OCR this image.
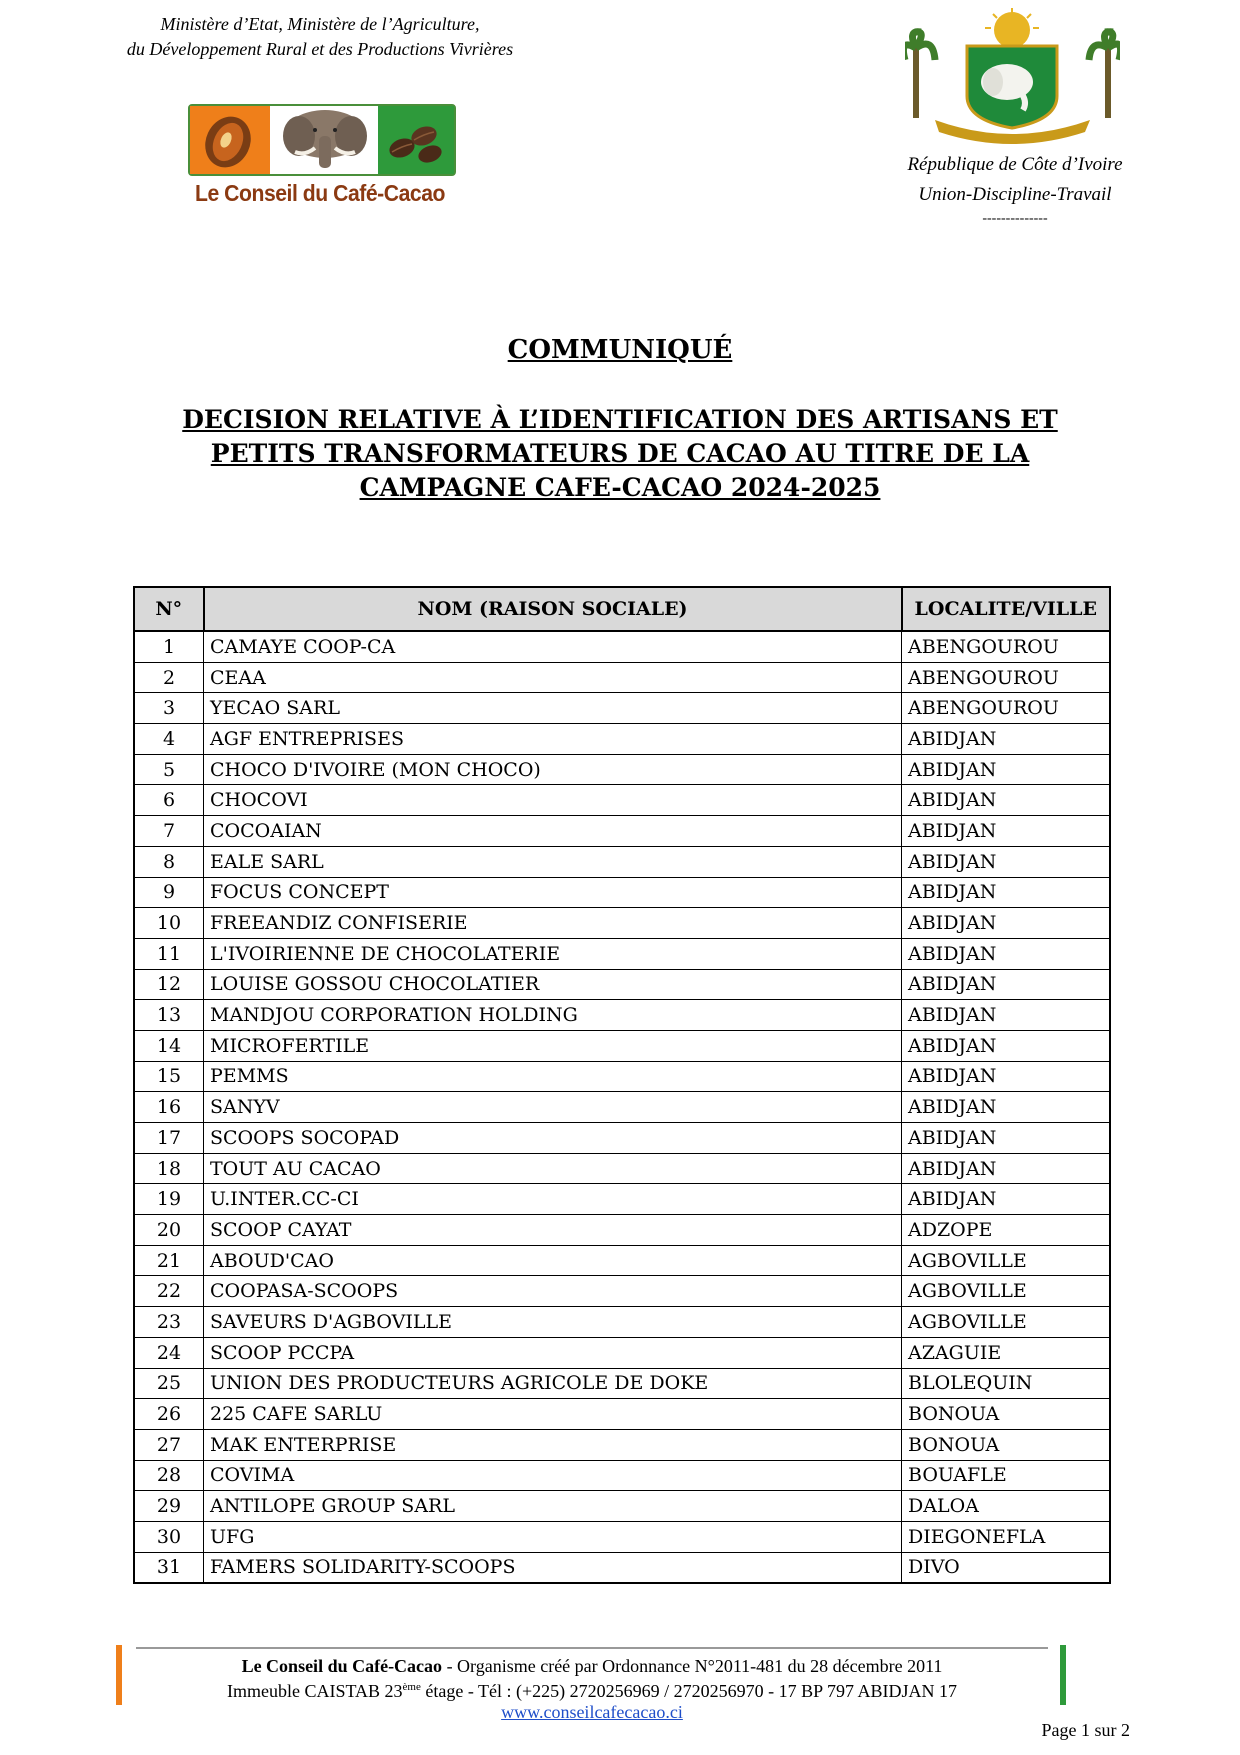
Ministère d’Etat, Ministère de l’Agriculture,
du Développement Rural et des Productions Vivrières
Le Conseil du Café-Cacao
République de Côte d’Ivoire
Union-Discipline-Travail
--------------
COMMUNIQUÉ
DECISION RELATIVE À L’IDENTIFICATION DES ARTISANS ET
PETITS TRANSFORMATEURS DE CACAO AU TITRE DE LA
CAMPAGNE CAFE-CACAO 2024-2025
N°	NOM (RAISON SOCIALE)	LOCALITE/VILLE
1	CAMAYE COOP-CA	ABENGOUROU
2	CEAA	ABENGOUROU
3	YECAO SARL	ABENGOUROU
4	AGF ENTREPRISES	ABIDJAN
5	CHOCO D'IVOIRE (MON CHOCO)	ABIDJAN
6	CHOCOVI	ABIDJAN
7	COCOAIAN	ABIDJAN
8	EALE SARL	ABIDJAN
9	FOCUS CONCEPT	ABIDJAN
10	FREEANDIZ CONFISERIE	ABIDJAN
11	L'IVOIRIENNE DE CHOCOLATERIE	ABIDJAN
12	LOUISE GOSSOU CHOCOLATIER	ABIDJAN
13	MANDJOU CORPORATION HOLDING	ABIDJAN
14	MICROFERTILE	ABIDJAN
15	PEMMS	ABIDJAN
16	SANYV	ABIDJAN
17	SCOOPS SOCOPAD	ABIDJAN
18	TOUT AU CACAO	ABIDJAN
19	U.INTER.CC-CI	ABIDJAN
20	SCOOP CAYAT	ADZOPE
21	ABOUD'CAO	AGBOVILLE
22	COOPASA-SCOOPS	AGBOVILLE
23	SAVEURS D'AGBOVILLE	AGBOVILLE
24	SCOOP PCCPA	AZAGUIE
25	UNION DES PRODUCTEURS AGRICOLE DE DOKE	BLOLEQUIN
26	225 CAFE SARLU	BONOUA
27	MAK ENTERPRISE	BONOUA
28	COVIMA	BOUAFLE
29	ANTILOPE GROUP SARL	DALOA
30	UFG	DIEGONEFLA
31	FAMERS SOLIDARITY-SCOOPS	DIVO
Le Conseil du Café-Cacao - Organisme créé par Ordonnance N°2011-481 du 28 décembre 2011
Immeuble CAISTAB 23ème étage - Tél : (+225) 2720256969 / 2720256970 - 17 BP 797 ABIDJAN 17
www.conseilcafecacao.ci
Page 1 sur 2
